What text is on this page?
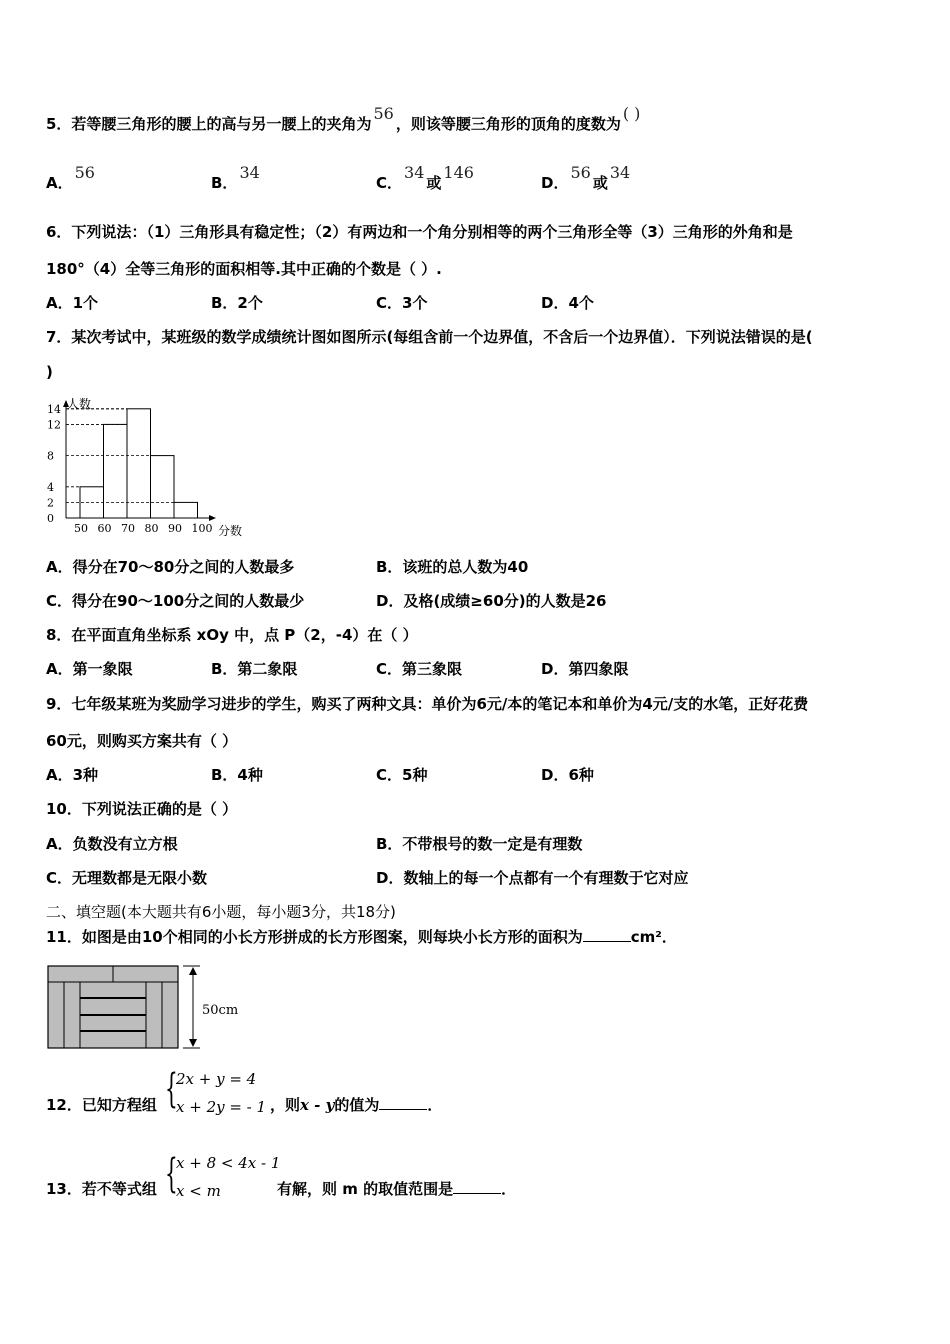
5．若等腰三角形的腰上的高与另一腰上的夹角为56，则该等腰三角形的顶角的度数为( )
A．56
B．34
C．34或146
D．56或34
6．下列说法：（1）三角形具有稳定性；（2）有两边和一个角分别相等的两个三角形全等（3）三角形的外角和是
180°（4）全等三角形的面积相等.其中正确的个数是（ ）.
A．1个	B．2个	C．3个	D．4个
7．某次考试中，某班级的数学成绩统计图如图所示(每组含前一个边界值，不含后一个边界值）．下列说法错误的是(
)
0
2
4
8
12
14
50 60 70 80 90 100
人数
分数
A．得分在70～80分之间的人数最多	B．该班的总人数为40
C．得分在90～100分之间的人数最少	D．及格(成绩≥60分)的人数是26
8．在平面直角坐标系 xOy 中，点 P（2，-4）在（ ）
A．第一象限	B．第二象限	C．第三象限	D．第四象限
9．七年级某班为奖励学习进步的学生，购买了两种文具：单价为6元/本的笔记本和单价为4元/支的水笔，正好花费
60元，则购买方案共有（ ）
A．3种	B．4种	C．5种	D．6种
10．下列说法正确的是（ ）
A．负数没有立方根	B．不带根号的数一定是有理数
C．无理数都是无限小数	D．数轴上的每一个点都有一个有理数于它对应
二、填空题(本大题共有6小题，每小题3分，共18分)
11．如图是由10个相同的小长方形拼成的长方形图案，则每块小长方形的面积为	cm²．
50cm
12．已知方程组 {
2x + y = 4
x + 2y = - 1 ，则x - y的值为	．
13．若不等式组 {
x + 8 < 4x - 1
x < m	有解，则 m 的取值范围是	．
